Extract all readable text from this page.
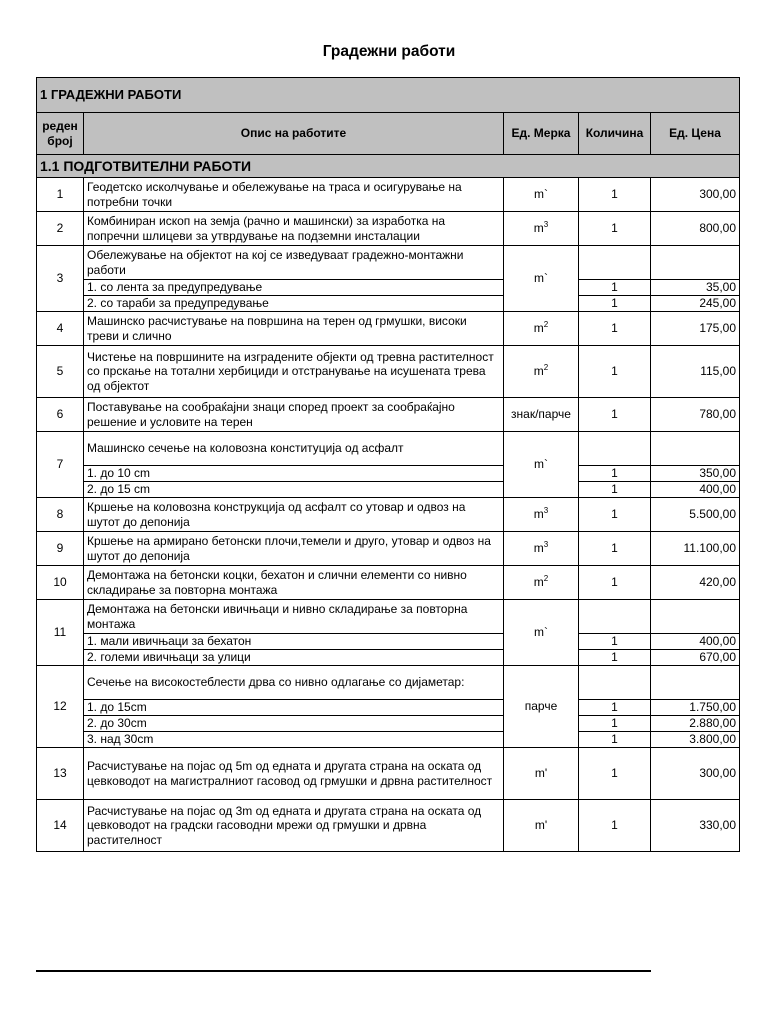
Градежни работи
1 ГРАДЕЖНИ РАБОТИ				
реден број	Опис на работите	Ед. Мерка	Количина	Ед. Цена
1.1 ПОДГОТВИТЕЛНИ РАБОТИ				
1	Геодетско исколчување и обележување на траса и осигурување на потребни точки	m`	1	300,00
2	Комбиниран ископ на земја (рачно и машински) за изработка на попречни шлицеви за утврдување на подземни инсталации	$m^3$	1	800,00
3	Обележување на објектот на кој се изведуваат градежно-монтажни работи	m`		
	1. со лента за предупредување		1	35,00
	2. со тараби за предупредување		1	245,00
4	Машинско расчистување на површина на терен од грмушки, високи треви и слично	$m^2$	1	175,00
5	Чистење на површините на изградените објекти од тревна растителност со прскање на тотални хербициди и отстранување на исушената трева од објектот	$m^2$	1	115,00
6	Поставување на сообраќајни знаци според проект за сообраќајно решение и условите на терен	знак/парче	1	780,00
7	Машинско сечење на коловозна конституција од асфалт	m`		
	1. до 10 cm		1	350,00
	2. до 15 cm		1	400,00
8	Кршење на коловозна конструкција од асфалт со утовар и одвоз на шутот до депонија	$m^3$	1	5.500,00
9	Кршење на армирано бетонски плочи,темели и друго, утовар и одвоз на шутот до депонија	$m^3$	1	11.100,00
10	Демонтажа на бетонски коцки, бехатон и слични елементи со нивно складирање за повторна монтажа	$m^2$	1	420,00
11	Демонтажа на бетонски ивичњаци и нивно складирање за повторна монтажа	m`		
	1. мали ивичњаци за бехатон		1	400,00
	2. големи ивичњаци за улици		1	670,00
12	Сечење на високостеблести дрва со нивно одлагање со дијаметар:	парче		
	1. до 15cm		1	1.750,00
	2. до 30cm		1	2.880,00
	3. над 30cm		1	3.800,00
13	Расчистување на појас од 5m од едната и другата страна на оската од цевководот на магистралниот гасовод од грмушки и дрвна растителност	m'	1	300,00
14	Расчистување на појас од 3m од едната и другата страна на оската од цевководот на градски гасоводни мрежи од грмушки и дрвна растителност	m'	1	330,00
